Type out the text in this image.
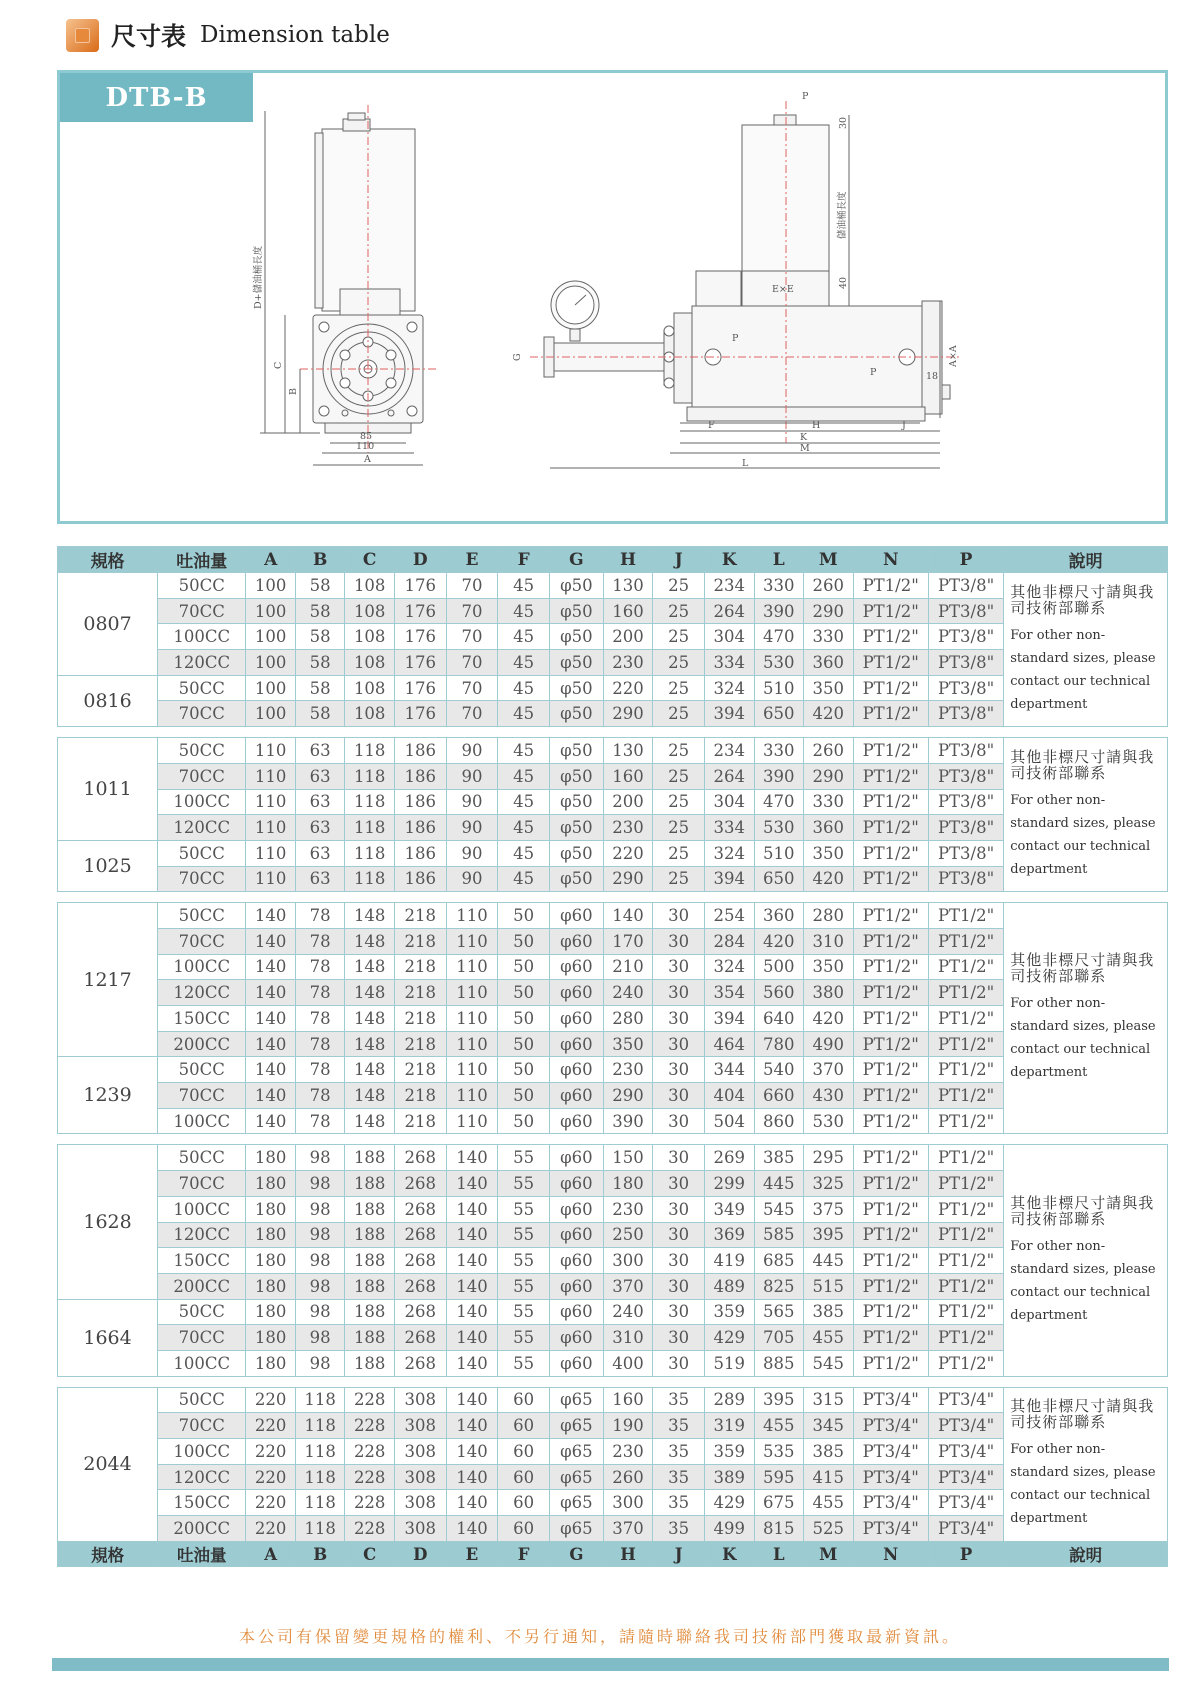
尺寸表 Dimension table
DTB-B
85
110
A
B
C
D+儲油桶長度
P
30
40
E×E
P
P	18
A×A
G
F	H	J
K
M
L
儲油桶長度
規格	吐油量	A	B	C	D	E	F	G	H	J	K	L	M	N	P	說明
0807	50CC	100	58	108	176	70	45	φ50	130	25	234	330	260	PT1/2"	PT3/8"	其他非標尺寸請與我司技術部聯系
For other non-
standard sizes, please
contact our technical
department

	70CC	100	58	108	176	70	45	φ50	160	25	264	390	290	PT1/2"	PT3/8"	
	100CC	100	58	108	176	70	45	φ50	200	25	304	470	330	PT1/2"	PT3/8"	
	120CC	100	58	108	176	70	45	φ50	230	25	334	530	360	PT1/2"	PT3/8"	
0816	50CC	100	58	108	176	70	45	φ50	220	25	324	510	350	PT1/2"	PT3/8"	
	70CC	100	58	108	176	70	45	φ50	290	25	394	650	420	PT1/2"	PT3/8"	
1011	50CC	110	63	118	186	90	45	φ50	130	25	234	330	260	PT1/2"	PT3/8"	其他非標尺寸請與我司技術部聯系
For other non-
standard sizes, please
contact our technical
department

	70CC	110	63	118	186	90	45	φ50	160	25	264	390	290	PT1/2"	PT3/8"	
	100CC	110	63	118	186	90	45	φ50	200	25	304	470	330	PT1/2"	PT3/8"	
	120CC	110	63	118	186	90	45	φ50	230	25	334	530	360	PT1/2"	PT3/8"	
1025	50CC	110	63	118	186	90	45	φ50	220	25	324	510	350	PT1/2"	PT3/8"	
	70CC	110	63	118	186	90	45	φ50	290	25	394	650	420	PT1/2"	PT3/8"	
1217	50CC	140	78	148	218	110	50	φ60	140	30	254	360	280	PT1/2"	PT1/2"	其他非標尺寸請與我司技術部聯系
For other non-
standard sizes, please
contact our technical
department

	70CC	140	78	148	218	110	50	φ60	170	30	284	420	310	PT1/2"	PT1/2"	
	100CC	140	78	148	218	110	50	φ60	210	30	324	500	350	PT1/2"	PT1/2"	
	120CC	140	78	148	218	110	50	φ60	240	30	354	560	380	PT1/2"	PT1/2"	
	150CC	140	78	148	218	110	50	φ60	280	30	394	640	420	PT1/2"	PT1/2"	
	200CC	140	78	148	218	110	50	φ60	350	30	464	780	490	PT1/2"	PT1/2"	
1239	50CC	140	78	148	218	110	50	φ60	230	30	344	540	370	PT1/2"	PT1/2"	
	70CC	140	78	148	218	110	50	φ60	290	30	404	660	430	PT1/2"	PT1/2"	
	100CC	140	78	148	218	110	50	φ60	390	30	504	860	530	PT1/2"	PT1/2"	
1628	50CC	180	98	188	268	140	55	φ60	150	30	269	385	295	PT1/2"	PT1/2"	其他非標尺寸請與我司技術部聯系
For other non-
standard sizes, please
contact our technical
department

	70CC	180	98	188	268	140	55	φ60	180	30	299	445	325	PT1/2"	PT1/2"	
	100CC	180	98	188	268	140	55	φ60	230	30	349	545	375	PT1/2"	PT1/2"	
	120CC	180	98	188	268	140	55	φ60	250	30	369	585	395	PT1/2"	PT1/2"	
	150CC	180	98	188	268	140	55	φ60	300	30	419	685	445	PT1/2"	PT1/2"	
	200CC	180	98	188	268	140	55	φ60	370	30	489	825	515	PT1/2"	PT1/2"	
1664	50CC	180	98	188	268	140	55	φ60	240	30	359	565	385	PT1/2"	PT1/2"	
	70CC	180	98	188	268	140	55	φ60	310	30	429	705	455	PT1/2"	PT1/2"	
	100CC	180	98	188	268	140	55	φ60	400	30	519	885	545	PT1/2"	PT1/2"	
2044	50CC	220	118	228	308	140	60	φ65	160	35	289	395	315	PT3/4"	PT3/4"	其他非標尺寸請與我司技術部聯系
For other non-
standard sizes, please
contact our technical
department

	70CC	220	118	228	308	140	60	φ65	190	35	319	455	345	PT3/4"	PT3/4"	
	100CC	220	118	228	308	140	60	φ65	230	35	359	535	385	PT3/4"	PT3/4"	
	120CC	220	118	228	308	140	60	φ65	260	35	389	595	415	PT3/4"	PT3/4"	
	150CC	220	118	228	308	140	60	φ65	300	35	429	675	455	PT3/4"	PT3/4"	
	200CC	220	118	228	308	140	60	φ65	370	35	499	815	525	PT3/4"	PT3/4"	
規格	吐油量	A	B	C	D	E	F	G	H	J	K	L	M	N	P	說明
本公司有保留變更規格的權利、不另行通知，請隨時聯絡我司技術部門獲取最新資訊。
